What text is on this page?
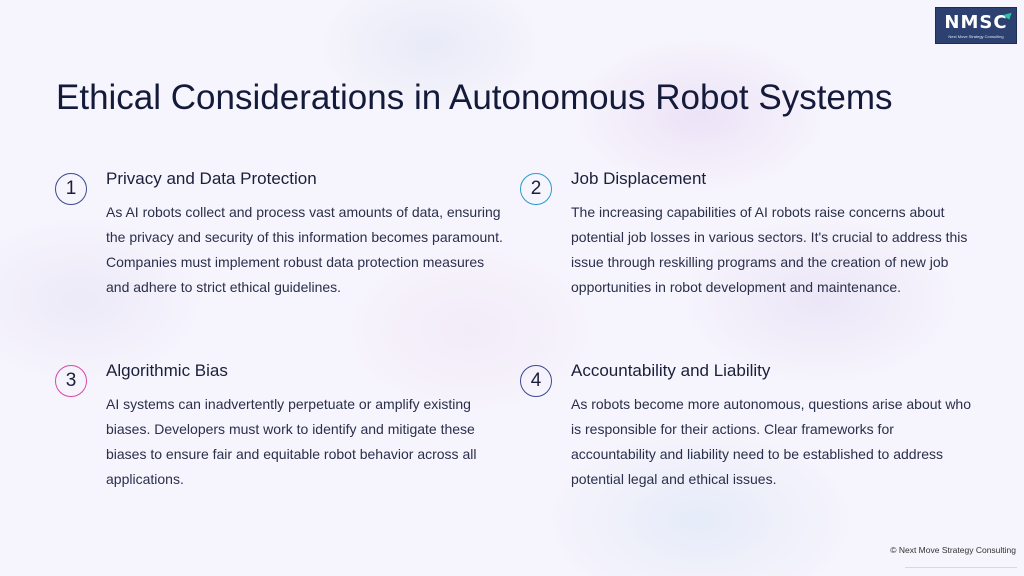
NMSC
Next Move Strategy Consulting
Ethical Considerations in Autonomous Robot Systems
1	Privacy and Data Protection

As AI robots collect and process vast amounts of data, ensuring the privacy and security of this information becomes paramount. Companies must implement robust data protection measures and adhere to strict ethical guidelines.

2	Job Displacement

The increasing capabilities of AI robots raise concerns about potential job losses in various sectors. It's crucial to address this issue through reskilling programs and the creation of new job opportunities in robot development and maintenance.

3	Algorithmic Bias

AI systems can inadvertently perpetuate or amplify existing biases. Developers must work to identify and mitigate these biases to ensure fair and equitable robot behavior across all applications.

4	Accountability and Liability

As robots become more autonomous, questions arise about who is responsible for their actions. Clear frameworks for accountability and liability need to be established to address potential legal and ethical issues.

© Next Move Strategy Consulting
